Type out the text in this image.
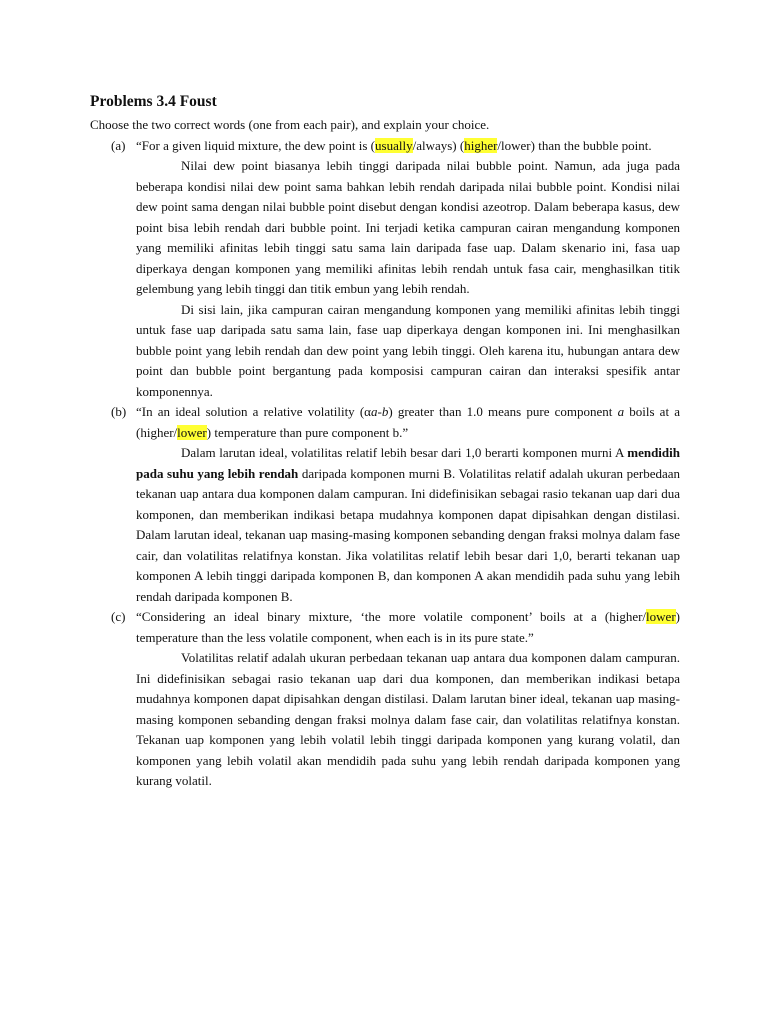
Problems 3.4 Foust

Choose the two correct words (one from each pair), and explain your choice.

(a) “For a given liquid mixture, the dew point is (usually/always) (higher/lower) than the bubble point.

Nilai dew point biasanya lebih tinggi daripada nilai bubble point. Namun, ada juga pada beberapa kondisi nilai dew point sama bahkan lebih rendah daripada nilai bubble point. Kondisi nilai dew point sama dengan nilai bubble point disebut dengan kondisi azeotrop. Dalam beberapa kasus, dew point bisa lebih rendah dari bubble point. Ini terjadi ketika campuran cairan mengandung komponen yang memiliki afinitas lebih tinggi satu sama lain daripada fase uap. Dalam skenario ini, fasa uap diperkaya dengan komponen yang memiliki afinitas lebih rendah untuk fasa cair, menghasilkan titik gelembung yang lebih tinggi dan titik embun yang lebih rendah.

Di sisi lain, jika campuran cairan mengandung komponen yang memiliki afinitas lebih tinggi untuk fase uap daripada satu sama lain, fase uap diperkaya dengan komponen ini. Ini menghasilkan bubble point yang lebih rendah dan dew point yang lebih tinggi. Oleh karena itu, hubungan antara dew point dan bubble point bergantung pada komposisi campuran cairan dan interaksi spesifik antar komponennya.

(b) “In an ideal solution a relative volatility (αa-b) greater than 1.0 means pure component a boils at a (higher/lower) temperature than pure component b.”

Dalam larutan ideal, volatilitas relatif lebih besar dari 1,0 berarti komponen murni A mendidih pada suhu yang lebih rendah daripada komponen murni B. Volatilitas relatif adalah ukuran perbedaan tekanan uap antara dua komponen dalam campuran. Ini didefinisikan sebagai rasio tekanan uap dari dua komponen, dan memberikan indikasi betapa mudahnya komponen dapat dipisahkan dengan distilasi. Dalam larutan ideal, tekanan uap masing-masing komponen sebanding dengan fraksi molnya dalam fase cair, dan volatilitas relatifnya konstan. Jika volatilitas relatif lebih besar dari 1,0, berarti tekanan uap komponen A lebih tinggi daripada komponen B, dan komponen A akan mendidih pada suhu yang lebih rendah daripada komponen B.

(c) “Considering an ideal binary mixture, ‘the more volatile component’ boils at a (higher/lower) temperature than the less volatile component, when each is in its pure state.”

Volatilitas relatif adalah ukuran perbedaan tekanan uap antara dua komponen dalam campuran. Ini didefinisikan sebagai rasio tekanan uap dari dua komponen, dan memberikan indikasi betapa mudahnya komponen dapat dipisahkan dengan distilasi. Dalam larutan biner ideal, tekanan uap masing-masing komponen sebanding dengan fraksi molnya dalam fase cair, dan volatilitas relatifnya konstan. Tekanan uap komponen yang lebih volatil lebih tinggi daripada komponen yang kurang volatil, dan komponen yang lebih volatil akan mendidih pada suhu yang lebih rendah daripada komponen yang kurang volatil.
